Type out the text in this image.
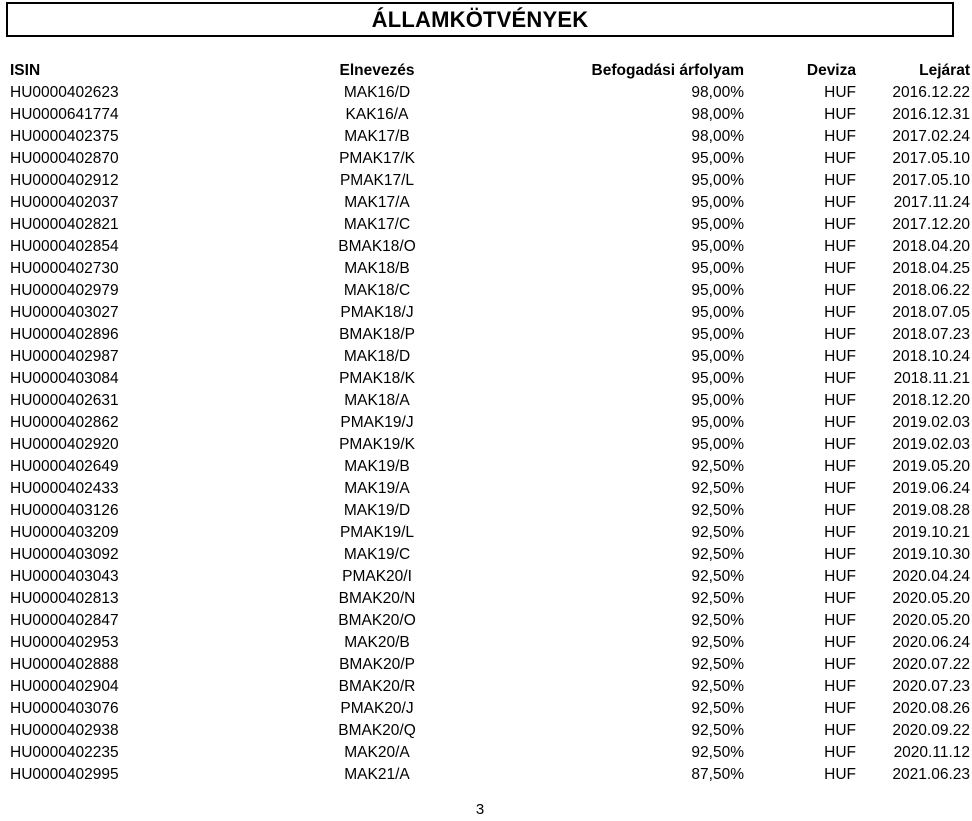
ÁLLAMKÖTVÉNYEK
ISIN	Elnevezés	Befogadási árfolyam	Deviza	Lejárat
HU0000402623	MAK16/D	98,00%	HUF	2016.12.22
HU0000641774	KAK16/A	98,00%	HUF	2016.12.31
HU0000402375	MAK17/B	98,00%	HUF	2017.02.24
HU0000402870	PMAK17/K	95,00%	HUF	2017.05.10
HU0000402912	PMAK17/L	95,00%	HUF	2017.05.10
HU0000402037	MAK17/A	95,00%	HUF	2017.11.24
HU0000402821	MAK17/C	95,00%	HUF	2017.12.20
HU0000402854	BMAK18/O	95,00%	HUF	2018.04.20
HU0000402730	MAK18/B	95,00%	HUF	2018.04.25
HU0000402979	MAK18/C	95,00%	HUF	2018.06.22
HU0000403027	PMAK18/J	95,00%	HUF	2018.07.05
HU0000402896	BMAK18/P	95,00%	HUF	2018.07.23
HU0000402987	MAK18/D	95,00%	HUF	2018.10.24
HU0000403084	PMAK18/K	95,00%	HUF	2018.11.21
HU0000402631	MAK18/A	95,00%	HUF	2018.12.20
HU0000402862	PMAK19/J	95,00%	HUF	2019.02.03
HU0000402920	PMAK19/K	95,00%	HUF	2019.02.03
HU0000402649	MAK19/B	92,50%	HUF	2019.05.20
HU0000402433	MAK19/A	92,50%	HUF	2019.06.24
HU0000403126	MAK19/D	92,50%	HUF	2019.08.28
HU0000403209	PMAK19/L	92,50%	HUF	2019.10.21
HU0000403092	MAK19/C	92,50%	HUF	2019.10.30
HU0000403043	PMAK20/I	92,50%	HUF	2020.04.24
HU0000402813	BMAK20/N	92,50%	HUF	2020.05.20
HU0000402847	BMAK20/O	92,50%	HUF	2020.05.20
HU0000402953	MAK20/B	92,50%	HUF	2020.06.24
HU0000402888	BMAK20/P	92,50%	HUF	2020.07.22
HU0000402904	BMAK20/R	92,50%	HUF	2020.07.23
HU0000403076	PMAK20/J	92,50%	HUF	2020.08.26
HU0000402938	BMAK20/Q	92,50%	HUF	2020.09.22
HU0000402235	MAK20/A	92,50%	HUF	2020.11.12
HU0000402995	MAK21/A	87,50%	HUF	2021.06.23
3
